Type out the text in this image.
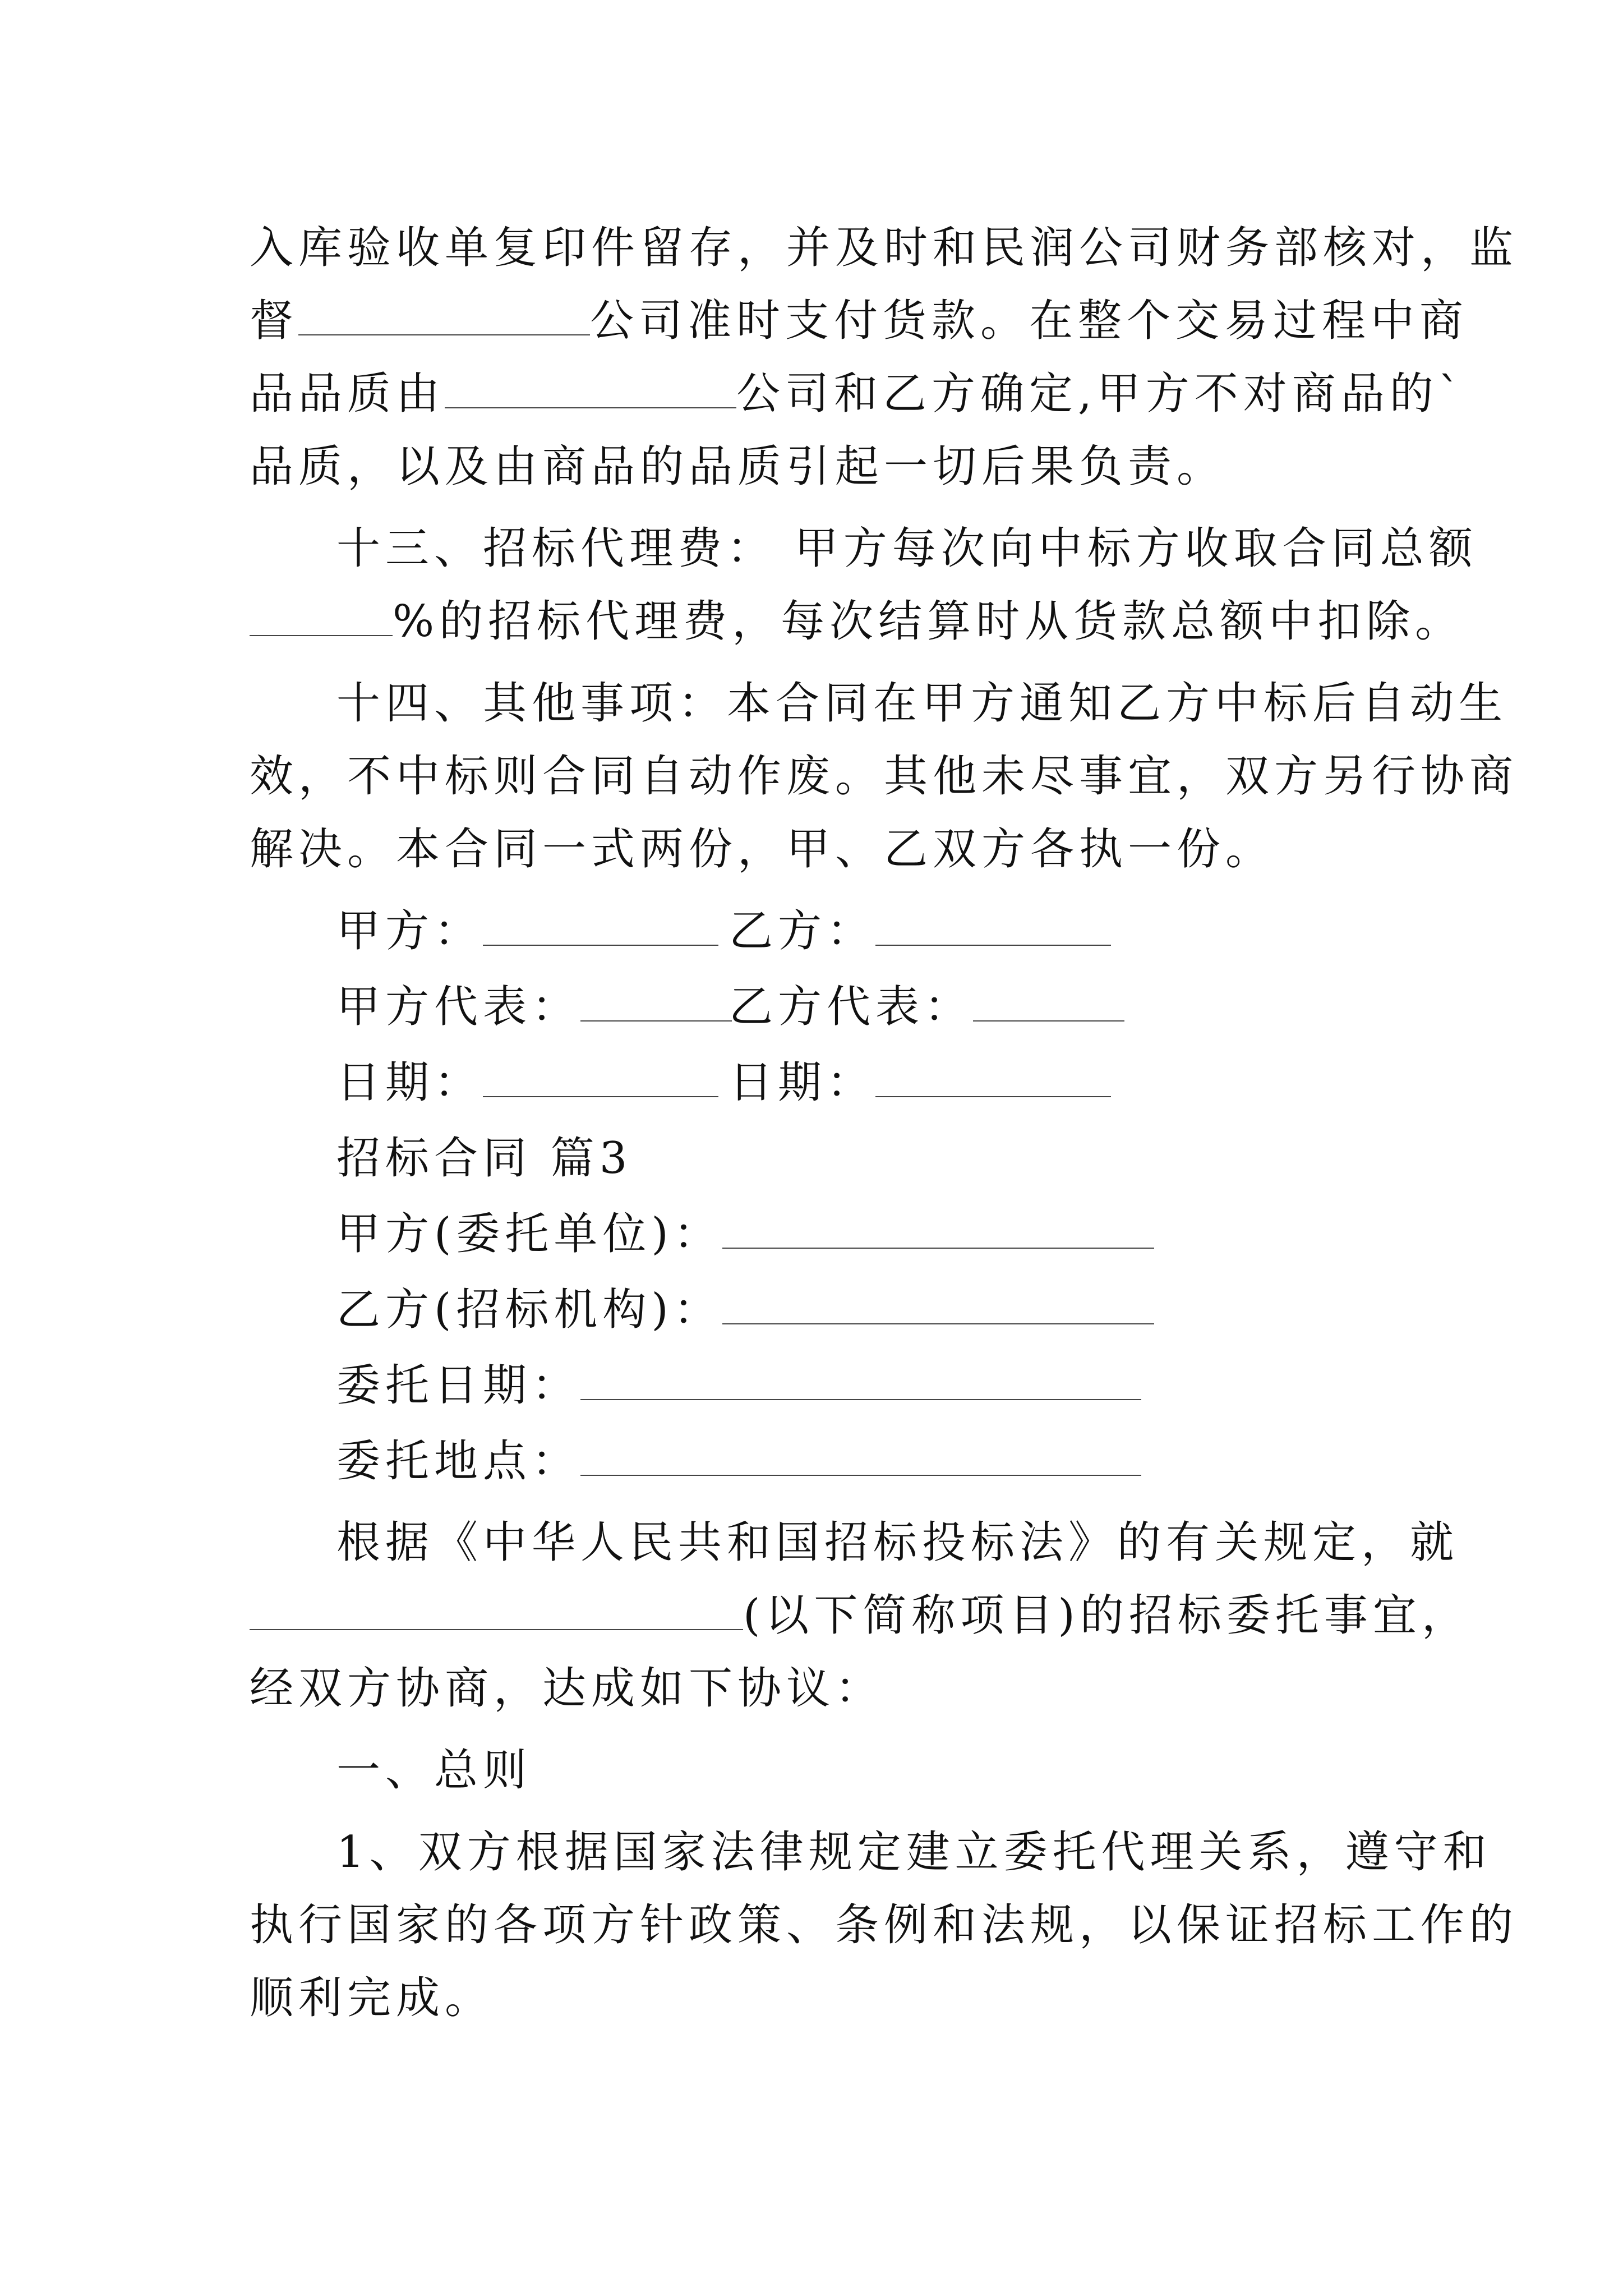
入库验收单复印件留存，并及时和民润公司财务部核对，监
督	公司准时支付货款。在整个交易过程中商
品品质由	公司和乙方确定,甲方不对商品的`
品质，以及由商品的品质引起一切后果负责。
十三、招标代理费： 甲方每次向中标方收取合同总额
%的招标代理费，每次结算时从货款总额中扣除。
十四、其他事项：本合同在甲方通知乙方中标后自动生
效，不中标则合同自动作废。其他未尽事宜，双方另行协商
解决。本合同一式两份，甲、乙双方各执一份。
甲方：	乙方：
甲方代表：	乙方代表：
日期：	日期：
招标合同 篇3
甲方(委托单位)：
乙方(招标机构)：
委托日期：
委托地点：
根据《中华人民共和国招标投标法》的有关规定，就
(以下简称项目)的招标委托事宜，
经双方协商，达成如下协议：
一、总则
1、双方根据国家法律规定建立委托代理关系，遵守和
执行国家的各项方针政策、条例和法规，以保证招标工作的
顺利完成。
